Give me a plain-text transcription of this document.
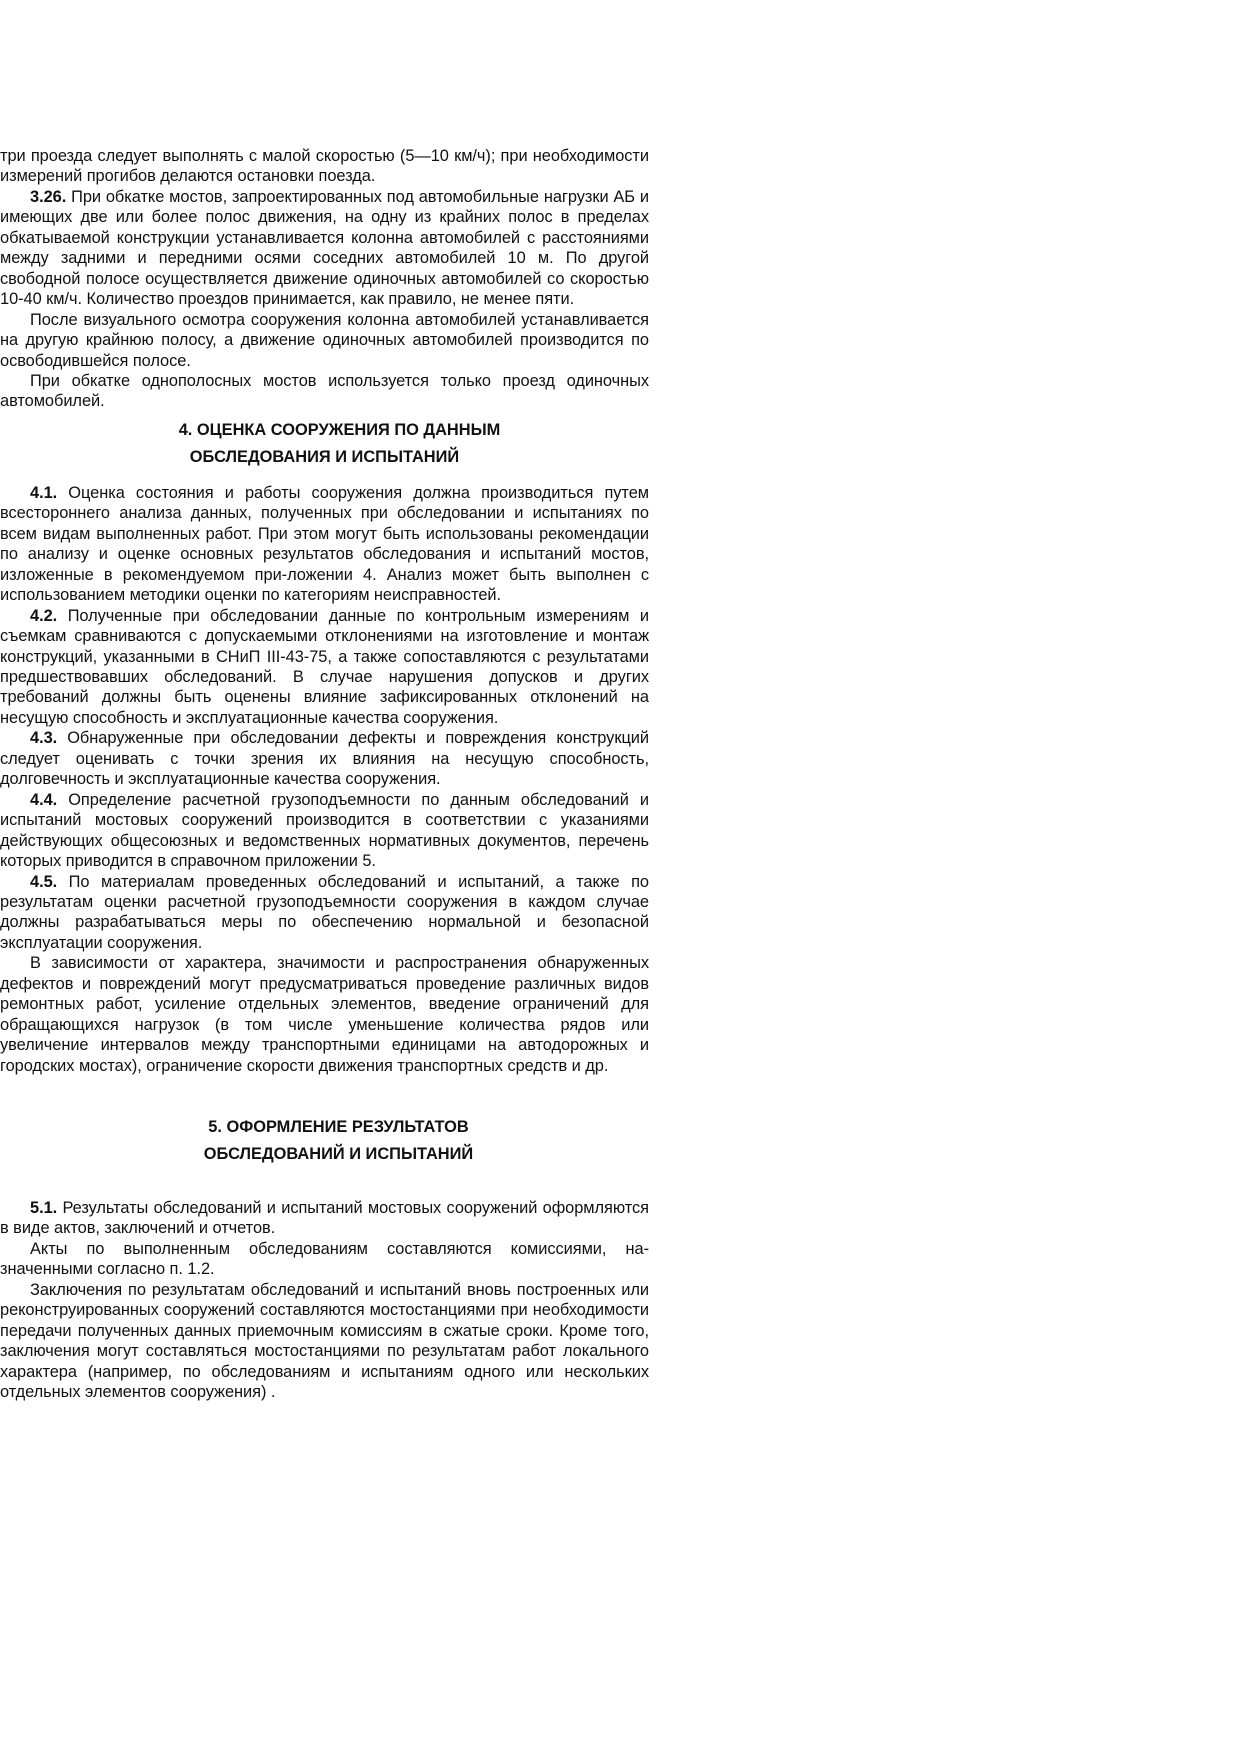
три проезда следует выполнять с малой скоростью (5—10 км/ч); при необходимости измерений прогибов делаются остановки поезда.

3.26. При обкатке мостов, запроектированных под автомобильные нагрузки АБ и имеющих две или более полос движения, на одну из крайних полос в пределах обкатываемой конструкции устанавливается колонна автомобилей с расстояниями между задними и передними осями соседних автомобилей 10 м. По другой свободной полосе осуществляется движение одиночных автомобилей со скоростью 10-40 км/ч. Количество проездов принимается, как правило, не менее пяти.

После визуального осмотра сооружения колонна автомобилей устанавливается на другую крайнюю полосу, а движение одиночных автомобилей производится по освободившейся полосе.

При обкатке однополосных мостов используется только проезд одиночных автомобилей.

4. ОЦЕНКА СООРУЖЕНИЯ ПО ДАННЫМ
ОБСЛЕДОВАНИЯ И ИСПЫТАНИЙ

4.1. Оценка состояния и работы сооружения должна производиться путем всестороннего анализа данных, полученных при обследовании и испытаниях по всем видам выполненных работ. При этом могут быть использованы рекомендации по анализу и оценке основных результатов обследования и испытаний мостов, изложенные в рекомендуемом при-ложении 4. Анализ может быть выполнен с использованием методики оценки по категориям неисправностей.

4.2. Полученные при обследовании данные по контрольным измерениям и съемкам сравниваются с допускаемыми отклонениями на изготовление и монтаж конструкций, указанными в СНиП III-43-75, а также сопоставляются с результатами предшествовавших обследований. В случае нарушения допусков и других требований должны быть оценены влияние зафиксированных отклонений на несущую способность и эксплуатационные качества сооружения.

4.3. Обнаруженные при обследовании дефекты и повреждения конструкций следует оценивать с точки зрения их влияния на несущую способность, долговечность и эксплуатационные качества сооружения.

4.4. Определение расчетной грузоподъемности по данным обследований и испытаний мостовых сооружений производится в соответствии с указаниями действующих общесоюзных и ведомственных нормативных документов, перечень которых приводится в справочном приложении 5.

4.5. По материалам проведенных обследований и испытаний, а также по результатам оценки расчетной грузоподъемности сооружения в каждом случае должны разрабатываться меры по обеспечению нормальной и безопасной эксплуатации сооружения.

В зависимости от характера, значимости и распространения обнаруженных дефектов и повреждений могут предусматриваться проведение различных видов ремонтных работ, усиление отдельных элементов, введение ограничений для обращающихся нагрузок (в том числе уменьшение количества рядов или увеличение интервалов между транспортными единицами на автодорожных и городских мостах), ограничение скорости движения транспортных средств и др.

5. ОФОРМЛЕНИЕ РЕЗУЛЬТАТОВ
ОБСЛЕДОВАНИЙ И ИСПЫТАНИЙ

5.1. Результаты обследований и испытаний мостовых сооружений оформляются в виде актов, заключений и отчетов.

Акты по выполненным обследованиям составляются комиссиями, на-значенными согласно п. 1.2.

Заключения по результатам обследований и испытаний вновь построенных или реконструированных сооружений составляются мостостанциями при необходимости передачи полученных данных приемочным комиссиям в сжатые сроки. Кроме того, заключения могут составляться мостостанциями по результатам работ локального характера (например, по обследованиям и испытаниям одного или нескольких отдельных элементов сооружения) .
